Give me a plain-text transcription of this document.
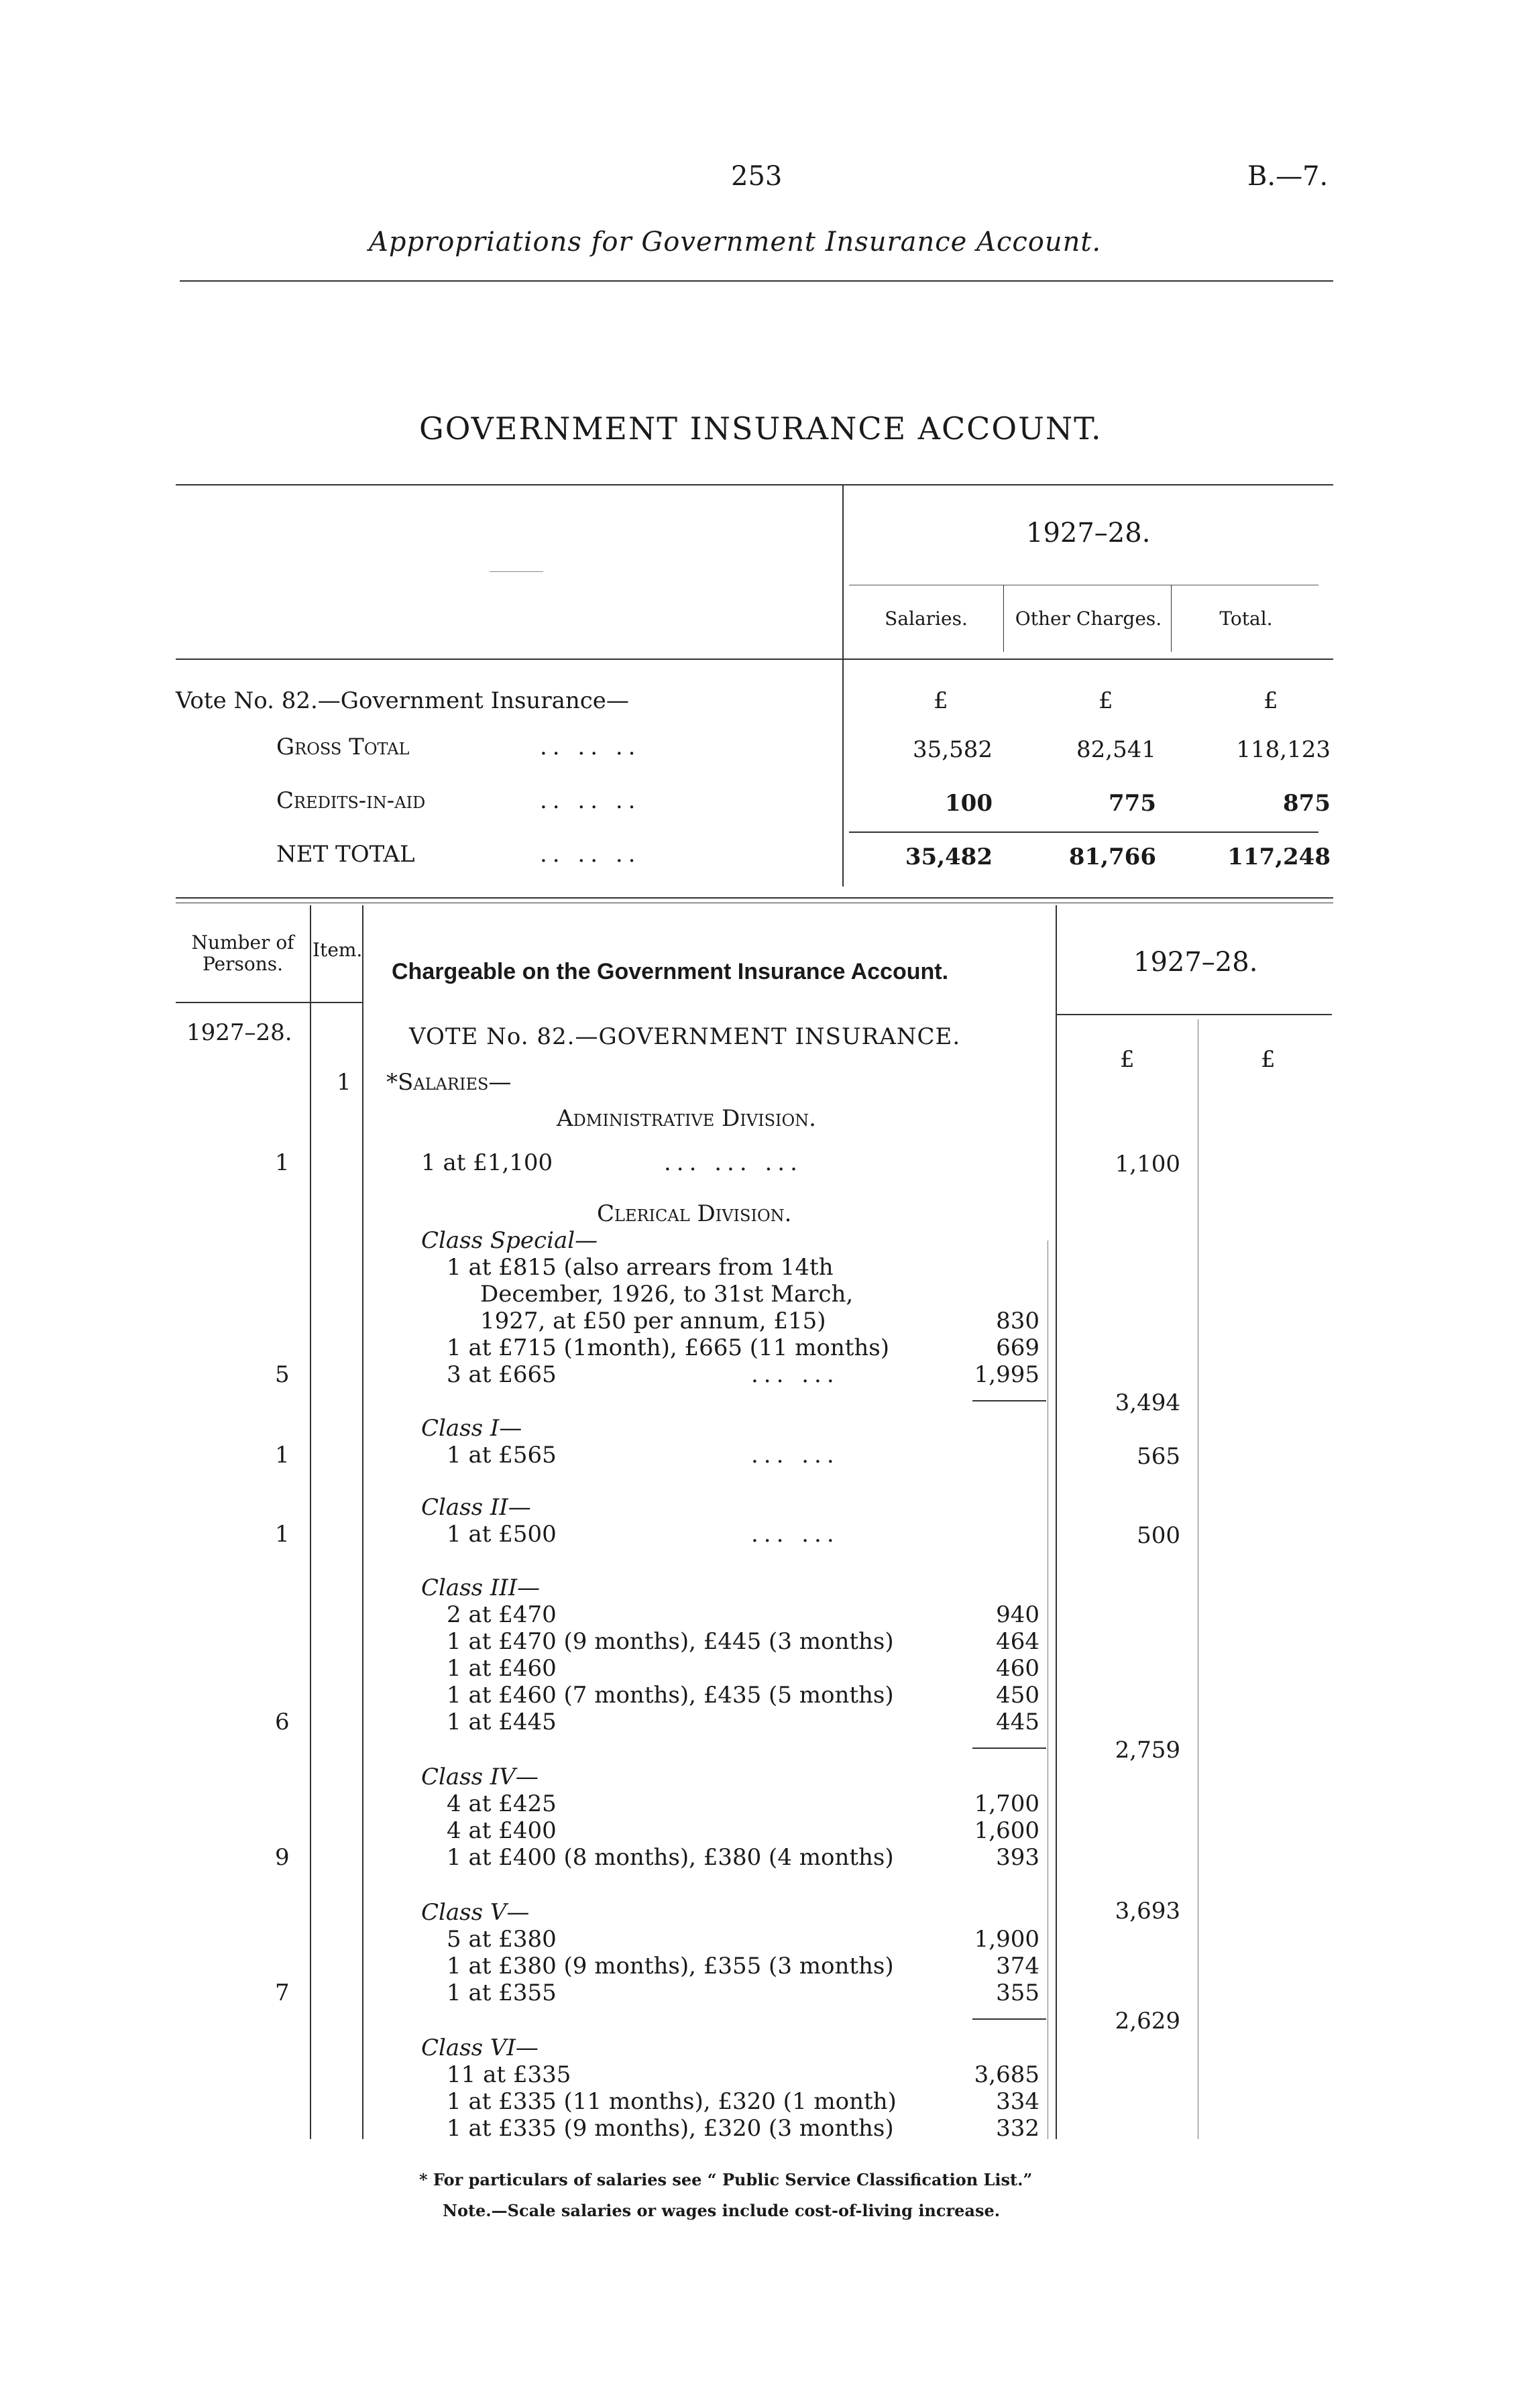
253	B.—7.
Appropriations for Government Insurance Account.
GOVERNMENT INSURANCE ACCOUNT.
1927–28.
Salaries.	Other Charges.	Total.
Vote No. 82.—Government Insurance—	£	£	£
Gross Total	.. .. ..	35,582	82,541	118,123
Credits-in-aid	.. .. ..	100	775	875
NET TOTAL	.. .. ..	35,482	81,766	117,248
Number of Persons.
Item.
Chargeable on the Government Insurance Account.	1927–28.
1927–28.	VOTE No. 82.—GOVERNMENT INSURANCE.
£	£
1 *Salaries—
Administrative Division.
1	1 at £1,100	... ... ...	1,100
Clerical Division.
Class Special—
1 at £815 (also arrears from 14th
December, 1926, to 31st March,
1927, at £50 per annum, £15)	830
1 at £715 (1month), £665 (11 months)	669
5	3 at £665	... ...	1,995
3,494
Class I—
1	1 at £565	... ...	565
Class II—
1	1 at £500	... ...	500
Class III—
2 at £470	940
1 at £470 (9 months), £445 (3 months)	464
1 at £460	460
1 at £460 (7 months), £435 (5 months)	450
6	1 at £445	445
2,759
Class IV—
4 at £425	1,700
4 at £400	1,600
9	1 at £400 (8 months), £380 (4 months)	393
3,693
Class V—
5 at £380	1,900
1 at £380 (9 months), £355 (3 months)	374
7	1 at £355	355
2,629
Class VI—
11 at £335	3,685
1 at £335 (11 months), £320 (1 month)	334
1 at £335 (9 months), £320 (3 months)	332
* For particulars of salaries see “ Public Service Classification List.”
Note.—Scale salaries or wages include cost-of-living increase.
